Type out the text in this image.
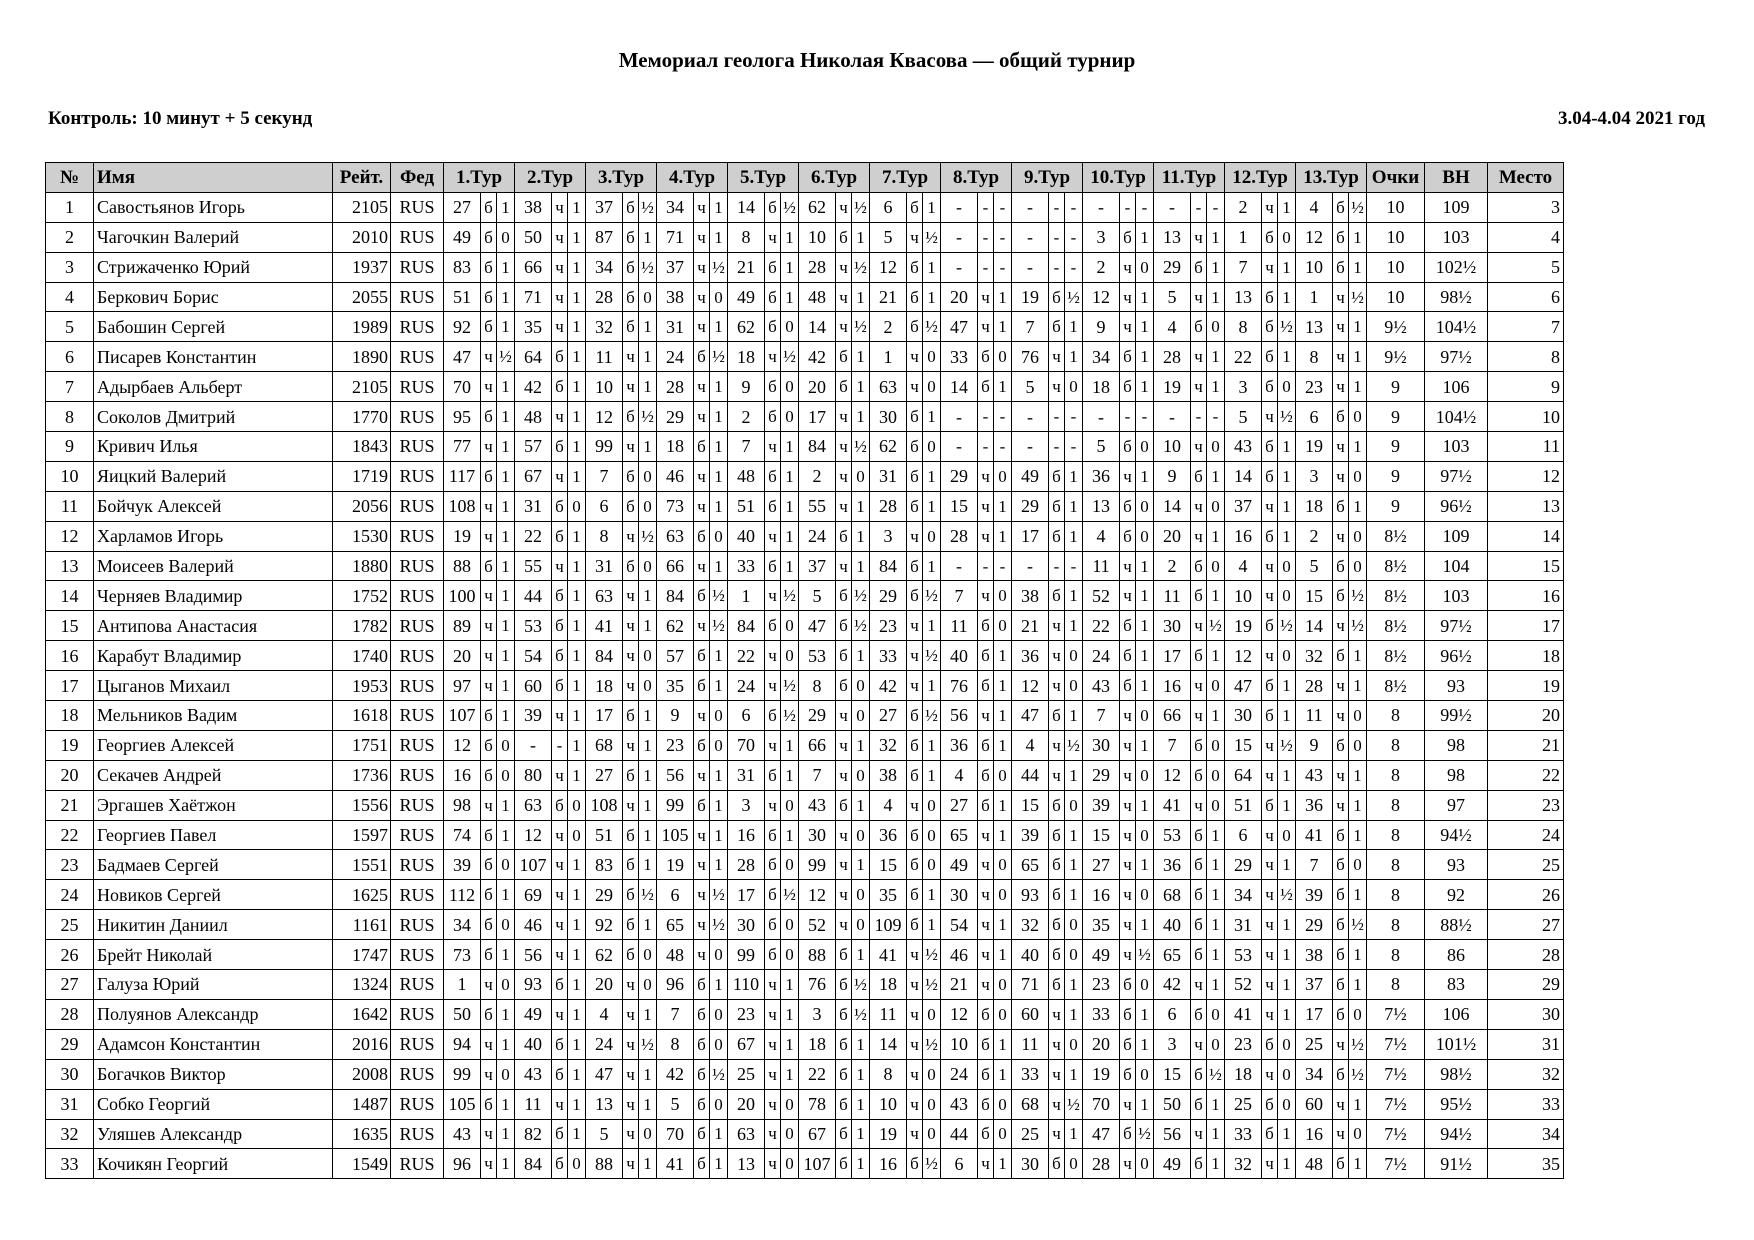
Мемориал геолога Николая Квасова — общий турнир
Контроль: 10 минут + 5 секунд	3.04-4.04 2021 год
№	Имя	Рейт.	Фед	1.Тур			2.Тур			3.Тур			4.Тур			5.Тур			6.Тур			7.Тур			8.Тур			9.Тур			10.Тур			11.Тур			12.Тур			13.Тур			Очки	ВН	Место
1	Савостьянов Игорь	2105	RUS	27	б	1	38	ч	1	37	б	½	34	ч	1	14	б	½	62	ч	½	6	б	1	-	-	-	-	-	-	-	-	-	-	-	-	2	ч	1	4	б	½	10	109	3
2	Чагочкин Валерий	2010	RUS	49	б	0	50	ч	1	87	б	1	71	ч	1	8	ч	1	10	б	1	5	ч	½	-	-	-	-	-	-	3	б	1	13	ч	1	1	б	0	12	б	1	10	103	4
3	Стрижаченко Юрий	1937	RUS	83	б	1	66	ч	1	34	б	½	37	ч	½	21	б	1	28	ч	½	12	б	1	-	-	-	-	-	-	2	ч	0	29	б	1	7	ч	1	10	б	1	10	102½	5
4	Беркович Борис	2055	RUS	51	б	1	71	ч	1	28	б	0	38	ч	0	49	б	1	48	ч	1	21	б	1	20	ч	1	19	б	½	12	ч	1	5	ч	1	13	б	1	1	ч	½	10	98½	6
5	Бабошин Сергей	1989	RUS	92	б	1	35	ч	1	32	б	1	31	ч	1	62	б	0	14	ч	½	2	б	½	47	ч	1	7	б	1	9	ч	1	4	б	0	8	б	½	13	ч	1	9½	104½	7
6	Писарев Константин	1890	RUS	47	ч	½	64	б	1	11	ч	1	24	б	½	18	ч	½	42	б	1	1	ч	0	33	б	0	76	ч	1	34	б	1	28	ч	1	22	б	1	8	ч	1	9½	97½	8
7	Адырбаев Альберт	2105	RUS	70	ч	1	42	б	1	10	ч	1	28	ч	1	9	б	0	20	б	1	63	ч	0	14	б	1	5	ч	0	18	б	1	19	ч	1	3	б	0	23	ч	1	9	106	9
8	Соколов Дмитрий	1770	RUS	95	б	1	48	ч	1	12	б	½	29	ч	1	2	б	0	17	ч	1	30	б	1	-	-	-	-	-	-	-	-	-	-	-	-	5	ч	½	6	б	0	9	104½	10
9	Кривич Илья	1843	RUS	77	ч	1	57	б	1	99	ч	1	18	б	1	7	ч	1	84	ч	½	62	б	0	-	-	-	-	-	-	5	б	0	10	ч	0	43	б	1	19	ч	1	9	103	11
10	Яицкий Валерий	1719	RUS	117	б	1	67	ч	1	7	б	0	46	ч	1	48	б	1	2	ч	0	31	б	1	29	ч	0	49	б	1	36	ч	1	9	б	1	14	б	1	3	ч	0	9	97½	12
11	Бойчук Алексей	2056	RUS	108	ч	1	31	б	0	6	б	0	73	ч	1	51	б	1	55	ч	1	28	б	1	15	ч	1	29	б	1	13	б	0	14	ч	0	37	ч	1	18	б	1	9	96½	13
12	Харламов Игорь	1530	RUS	19	ч	1	22	б	1	8	ч	½	63	б	0	40	ч	1	24	б	1	3	ч	0	28	ч	1	17	б	1	4	б	0	20	ч	1	16	б	1	2	ч	0	8½	109	14
13	Моисеев Валерий	1880	RUS	88	б	1	55	ч	1	31	б	0	66	ч	1	33	б	1	37	ч	1	84	б	1	-	-	-	-	-	-	11	ч	1	2	б	0	4	ч	0	5	б	0	8½	104	15
14	Черняев Владимир	1752	RUS	100	ч	1	44	б	1	63	ч	1	84	б	½	1	ч	½	5	б	½	29	б	½	7	ч	0	38	б	1	52	ч	1	11	б	1	10	ч	0	15	б	½	8½	103	16
15	Антипова Анастасия	1782	RUS	89	ч	1	53	б	1	41	ч	1	62	ч	½	84	б	0	47	б	½	23	ч	1	11	б	0	21	ч	1	22	б	1	30	ч	½	19	б	½	14	ч	½	8½	97½	17
16	Карабут Владимир	1740	RUS	20	ч	1	54	б	1	84	ч	0	57	б	1	22	ч	0	53	б	1	33	ч	½	40	б	1	36	ч	0	24	б	1	17	б	1	12	ч	0	32	б	1	8½	96½	18
17	Цыганов Михаил	1953	RUS	97	ч	1	60	б	1	18	ч	0	35	б	1	24	ч	½	8	б	0	42	ч	1	76	б	1	12	ч	0	43	б	1	16	ч	0	47	б	1	28	ч	1	8½	93	19
18	Мельников Вадим	1618	RUS	107	б	1	39	ч	1	17	б	1	9	ч	0	6	б	½	29	ч	0	27	б	½	56	ч	1	47	б	1	7	ч	0	66	ч	1	30	б	1	11	ч	0	8	99½	20
19	Георгиев Алексей	1751	RUS	12	б	0	-	-	1	68	ч	1	23	б	0	70	ч	1	66	ч	1	32	б	1	36	б	1	4	ч	½	30	ч	1	7	б	0	15	ч	½	9	б	0	8	98	21
20	Секачев Андрей	1736	RUS	16	б	0	80	ч	1	27	б	1	56	ч	1	31	б	1	7	ч	0	38	б	1	4	б	0	44	ч	1	29	ч	0	12	б	0	64	ч	1	43	ч	1	8	98	22
21	Эргашев Хаётжон	1556	RUS	98	ч	1	63	б	0	108	ч	1	99	б	1	3	ч	0	43	б	1	4	ч	0	27	б	1	15	б	0	39	ч	1	41	ч	0	51	б	1	36	ч	1	8	97	23
22	Георгиев Павел	1597	RUS	74	б	1	12	ч	0	51	б	1	105	ч	1	16	б	1	30	ч	0	36	б	0	65	ч	1	39	б	1	15	ч	0	53	б	1	6	ч	0	41	б	1	8	94½	24
23	Бадмаев Сергей	1551	RUS	39	б	0	107	ч	1	83	б	1	19	ч	1	28	б	0	99	ч	1	15	б	0	49	ч	0	65	б	1	27	ч	1	36	б	1	29	ч	1	7	б	0	8	93	25
24	Новиков Сергей	1625	RUS	112	б	1	69	ч	1	29	б	½	6	ч	½	17	б	½	12	ч	0	35	б	1	30	ч	0	93	б	1	16	ч	0	68	б	1	34	ч	½	39	б	1	8	92	26
25	Никитин Даниил	1161	RUS	34	б	0	46	ч	1	92	б	1	65	ч	½	30	б	0	52	ч	0	109	б	1	54	ч	1	32	б	0	35	ч	1	40	б	1	31	ч	1	29	б	½	8	88½	27
26	Брейт Николай	1747	RUS	73	б	1	56	ч	1	62	б	0	48	ч	0	99	б	0	88	б	1	41	ч	½	46	ч	1	40	б	0	49	ч	½	65	б	1	53	ч	1	38	б	1	8	86	28
27	Галуза Юрий	1324	RUS	1	ч	0	93	б	1	20	ч	0	96	б	1	110	ч	1	76	б	½	18	ч	½	21	ч	0	71	б	1	23	б	0	42	ч	1	52	ч	1	37	б	1	8	83	29
28	Полуянов Александр	1642	RUS	50	б	1	49	ч	1	4	ч	1	7	б	0	23	ч	1	3	б	½	11	ч	0	12	б	0	60	ч	1	33	б	1	6	б	0	41	ч	1	17	б	0	7½	106	30
29	Адамсон Константин	2016	RUS	94	ч	1	40	б	1	24	ч	½	8	б	0	67	ч	1	18	б	1	14	ч	½	10	б	1	11	ч	0	20	б	1	3	ч	0	23	б	0	25	ч	½	7½	101½	31
30	Богачков Виктор	2008	RUS	99	ч	0	43	б	1	47	ч	1	42	б	½	25	ч	1	22	б	1	8	ч	0	24	б	1	33	ч	1	19	б	0	15	б	½	18	ч	0	34	б	½	7½	98½	32
31	Собко Георгий	1487	RUS	105	б	1	11	ч	1	13	ч	1	5	б	0	20	ч	0	78	б	1	10	ч	0	43	б	0	68	ч	½	70	ч	1	50	б	1	25	б	0	60	ч	1	7½	95½	33
32	Уляшев Александр	1635	RUS	43	ч	1	82	б	1	5	ч	0	70	б	1	63	ч	0	67	б	1	19	ч	0	44	б	0	25	ч	1	47	б	½	56	ч	1	33	б	1	16	ч	0	7½	94½	34
33	Кочикян Георгий	1549	RUS	96	ч	1	84	б	0	88	ч	1	41	б	1	13	ч	0	107	б	1	16	б	½	6	ч	1	30	б	0	28	ч	0	49	б	1	32	ч	1	48	б	1	7½	91½	35
